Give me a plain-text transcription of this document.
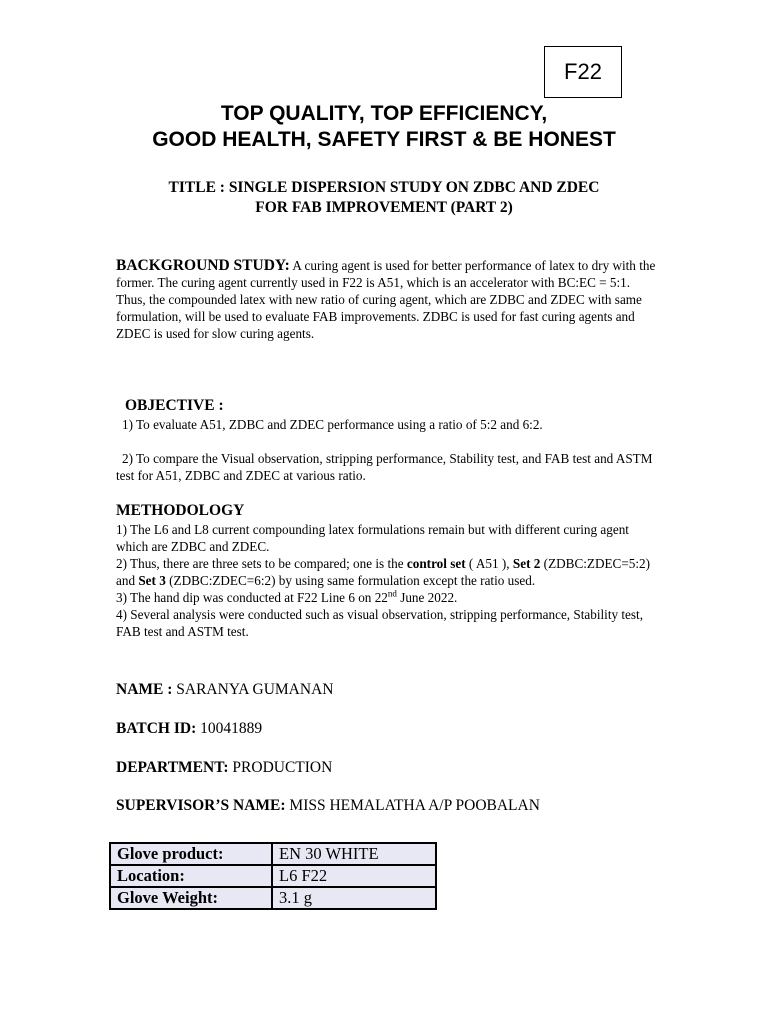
F22
TOP QUALITY, TOP EFFICIENCY,
GOOD HEALTH, SAFETY FIRST & BE HONEST
TITLE : SINGLE DISPERSION STUDY ON ZDBC AND ZDEC
FOR FAB IMPROVEMENT (PART 2)
BACKGROUND STUDY: A curing agent is used for better performance of latex to dry with the former. The curing agent currently used in F22 is A51, which is an accelerator with BC:EC = 5:1. Thus, the compounded latex with new ratio of curing agent, which are ZDBC and ZDEC with same formulation, will be used to evaluate FAB improvements. ZDBC is used for fast curing agents and ZDEC is used for slow curing agents.
OBJECTIVE :
1) To evaluate A51, ZDBC and ZDEC performance using a ratio of 5:2 and 6:2.
2) To compare the Visual observation, stripping performance, Stability test, and FAB test and ASTM test for A51, ZDBC and ZDEC at various ratio.
METHODOLOGY

1) The L6 and L8 current compounding latex formulations remain but with different curing agent which are ZDBC and ZDEC.

2) Thus, there are three sets to be compared; one is the control set ( A51 ), Set 2 (ZDBC:ZDEC=5:2) and Set 3 (ZDBC:ZDEC=6:2) by using same formulation except the ratio used.

3) The hand dip was conducted at F22 Line 6 on 22nd June 2022.

4) Several analysis were conducted such as visual observation, stripping performance, Stability test, FAB test and ASTM test.

NAME : SARANYA GUMANAN
BATCH ID: 10041889
DEPARTMENT: PRODUCTION
SUPERVISOR’S NAME: MISS HEMALATHA A/P POOBALAN
Glove product:	EN 30 WHITE
Location:	L6 F22
Glove Weight:	3.1 g
